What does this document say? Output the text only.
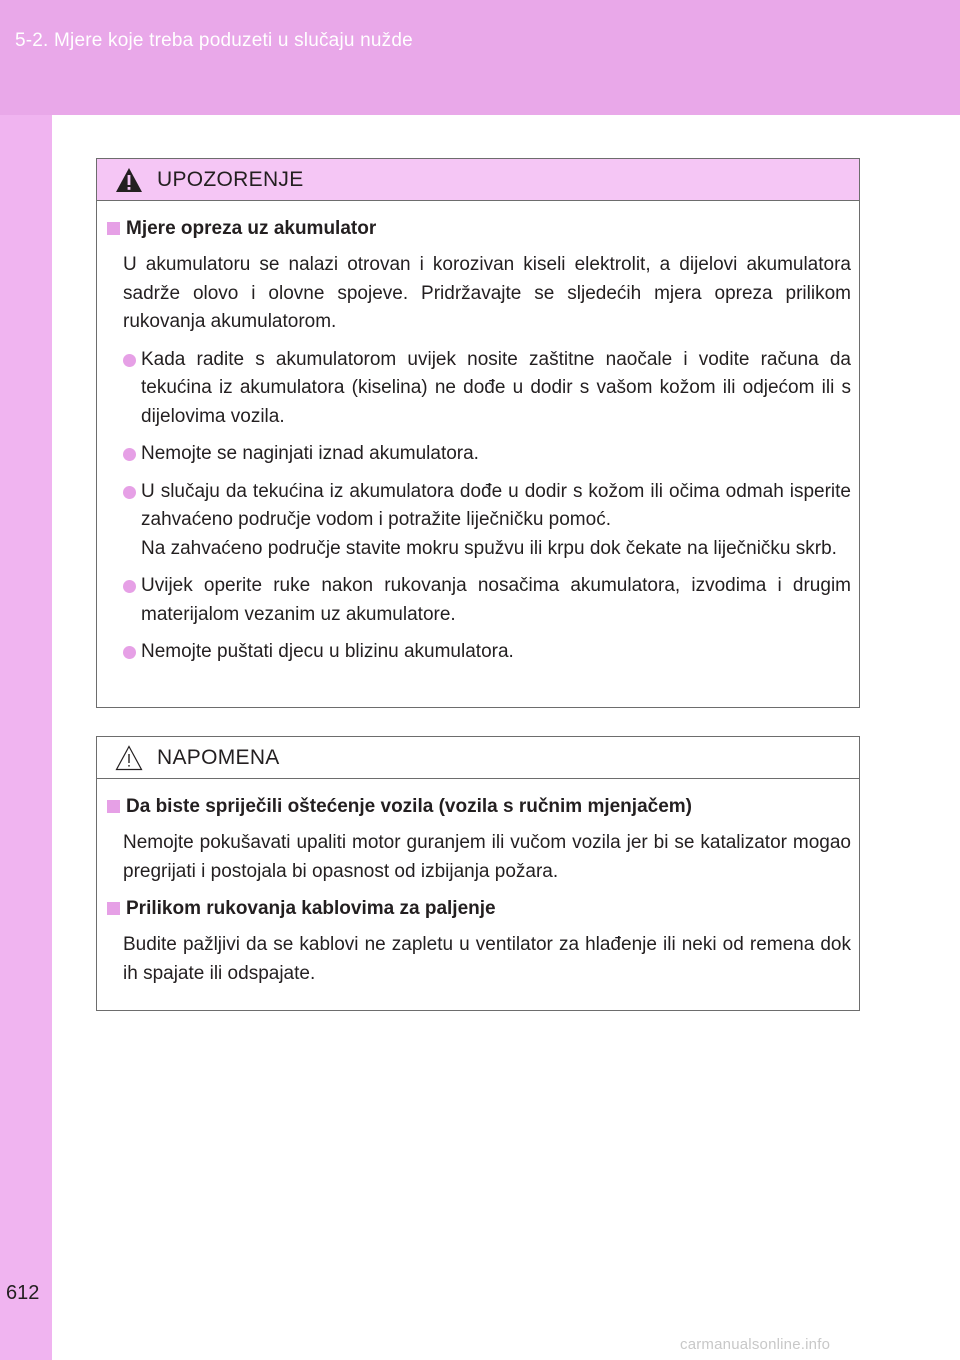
5-2. Mjere koje treba poduzeti u slučaju nužde
612
UPOZORENJE
Mjere opreza uz akumulator
U akumulatoru se nalazi otrovan i korozivan kiseli elektrolit, a dijelovi akumulatora sadrže olovo i olovne spojeve. Pridržavajte se sljedećih mjera opreza prilikom rukovanja akumulatorom.
Kada radite s akumulatorom uvijek nosite zaštitne naočale i vodite računa da tekućina iz akumulatora (kiselina) ne dođe u dodir s vašom kožom ili odjećom ili s dijelovima vozila.
Nemojte se naginjati iznad akumulatora.
U slučaju da tekućina iz akumulatora dođe u dodir s kožom ili očima odmah isperite zahvaćeno područje vodom i potražite liječničku pomoć.
Na zahvaćeno područje stavite mokru spužvu ili krpu dok čekate na liječničku skrb.
Uvijek operite ruke nakon rukovanja nosačima akumulatora, izvodima i drugim materijalom vezanim uz akumulatore.
Nemojte puštati djecu u blizinu akumulatora.
NAPOMENA
Da biste spriječili oštećenje vozila (vozila s ručnim mjenjačem)
Nemojte pokušavati upaliti motor guranjem ili vučom vozila jer bi se katalizator mogao pregrijati i postojala bi opasnost od izbijanja požara.
Prilikom rukovanja kablovima za paljenje
Budite pažljivi da se kablovi ne zapletu u ventilator za hlađenje ili neki od remena dok ih spajate ili odspajate.
carmanualsonline.info
